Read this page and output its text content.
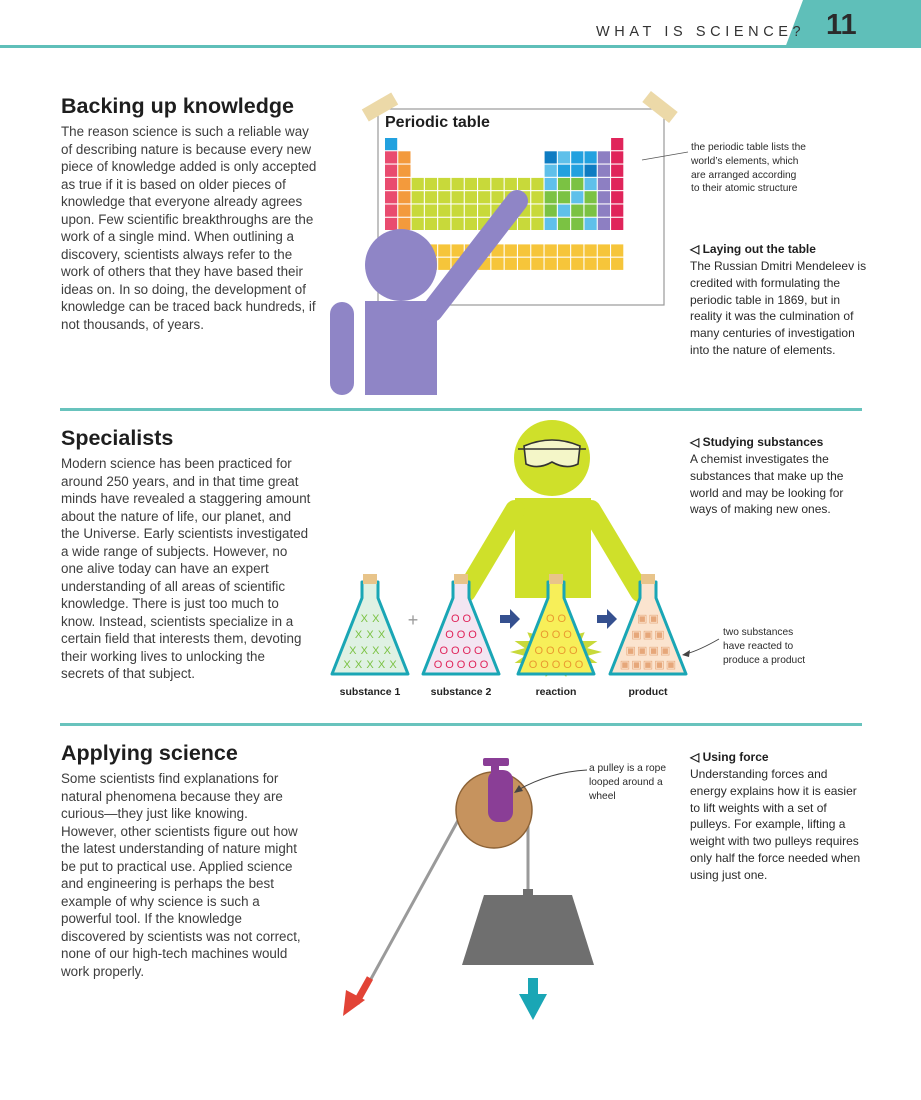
WHAT IS SCIENCE? 11
Backing up knowledge
The reason science is such a reliable way of describing nature is because every new piece of knowledge added is only accepted as true if it is based on older pieces of knowledge that everyone already agrees upon. Few scientific breakthroughs are the work of a single mind. When outlining a discovery, scientists always refer to the work of others that they have based their ideas on. In so doing, the development of knowledge can be traced back hundreds, if not thousands, of years.
Periodic table
the periodic table lists the world’s elements, which are arranged according to their atomic structure
◁ Laying out the table
The Russian Dmitri Mendeleev is credited with formulating the periodic table in 1869, but in reality it was the culmination of many centuries of investigation into the nature of elements.
Specialists
Modern science has been practiced for around 250 years, and in that time great minds have revealed a staggering amount about the nature of life, our planet, and the Universe. Early scientists investigated a wide range of subjects. However, no one alive today can have an expert understanding of all areas of scientific knowledge. There is just too much to know. Instead, scientists specialize in a certain field that interests them, devoting their working lives to unlocking the secrets of that subject.
X X
X X X
X X X X
X X X X X
O O
O O O
O O O O
O O O O O
O O
O O O
O O O O
O O O O O
▣ ▣
▣ ▣ ▣
▣ ▣ ▣ ▣
▣ ▣ ▣ ▣ ▣
+
◁ Studying substances
A chemist investigates the substances that make up the world and may be looking for ways of making new ones.
two substances have reacted to produce a product
substance 1	substance 2	reaction	product
Applying science
Some scientists find explanations for natural phenomena because they are curious—they just like knowing. However, other scientists figure out how the latest understanding of nature might be put to practical use. Applied science and engineering is perhaps the best example of why science is such a powerful tool. If the knowledge discovered by scientists was not correct, none of our high-tech machines would work properly.
a pulley is a rope looped around a wheel
◁ Using force
Understanding forces and energy explains how it is easier to lift weights with a set of pulleys. For example, lifting a weight with two pulleys requires only half the force needed when using just one.
